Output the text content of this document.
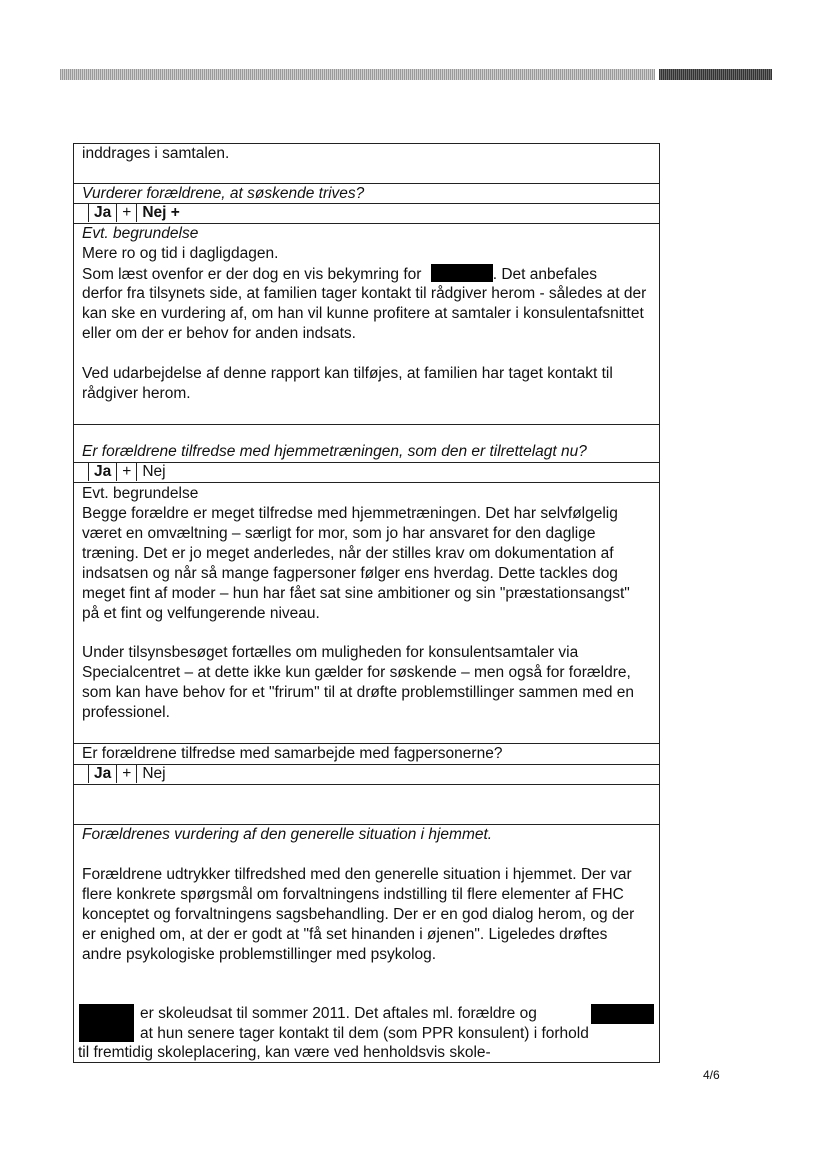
inddrages i samtalen.

Vurderer forældrene, at søskende trives?

Ja + Nej +

Evt. begrundelse

Mere ro og tid i dagligdagen.

Som læst ovenfor er der dog en vis bekymring for	. Det anbefales

derfor fra tilsynets side, at familien tager kontakt til rådgiver herom - således at der kan ske en vurdering af, om han vil kunne profitere at samtaler i konsulentafsnittet eller om der er behov for anden indsats.

Ved udarbejdelse af denne rapport kan tilføjes, at familien har taget kontakt til rådgiver herom.

Er forældrene tilfredse med hjemmetræningen, som den er tilrettelagt nu?

Ja + Nej

Evt. begrundelse

Begge forældre er meget tilfredse med hjemmetræningen. Det har selvfølgelig været en omvæltning – særligt for mor, som jo har ansvaret for den daglige træning. Det er jo meget anderledes, når der stilles krav om dokumentation af indsatsen og når så mange fagpersoner følger ens hverdag. Dette tackles dog meget fint af moder – hun har fået sat sine ambitioner og sin "præstationsangst" på et fint og velfungerende niveau.

Under tilsynsbesøget fortælles om muligheden for konsulentsamtaler via Specialcentret – at dette ikke kun gælder for søskende – men også for forældre, som kan have behov for et "frirum" til at drøfte problemstillinger sammen med en professionel.

Er forældrene tilfredse med samarbejde med fagpersonerne?

Ja + Nej

Forældrenes vurdering af den generelle situation i hjemmet.

Forældrene udtrykker tilfredshed med den generelle situation i hjemmet. Der var flere konkrete spørgsmål om forvaltningens indstilling til flere elementer af FHC konceptet og forvaltningens sagsbehandling. Der er en god dialog herom, og der er enighed om, at der er godt at "få set hinanden i øjenen". Ligeledes drøftes andre psykologiske problemstillinger med psykolog.

er skoleudsat til sommer 2011. Det aftales ml. forældre og

at hun senere tager kontakt til dem (som PPR konsulent) i forhold

til fremtidig skoleplacering, kan være ved henholdsvis skole-

4/6
